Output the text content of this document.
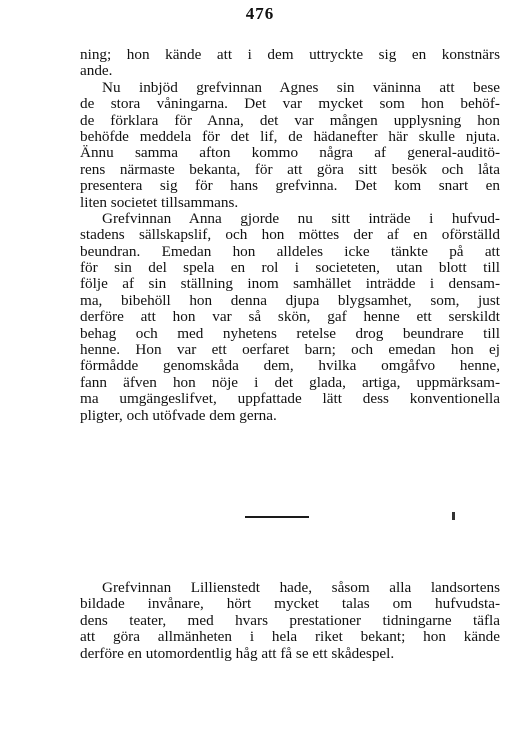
476
ning; hon kände att i dem uttryckte sig en konstnärs
ande.
Nu inbjöd grefvinnan Agnes sin väninna att bese
de stora våningarna. Det var mycket som hon behöf-
de förklara för Anna, det var mången upplysning hon
behöfde meddela för det lif, de hädanefter här skulle njuta.
Ännu samma afton kommo några af general-auditö-
rens närmaste bekanta, för att göra sitt besök och låta
presentera sig för hans grefvinna. Det kom snart en
liten societet tillsammans.
Grefvinnan Anna gjorde nu sitt inträde i hufvud-
stadens sällskapslif, och hon möttes der af en oförställd
beundran. Emedan hon alldeles icke tänkte på att
för sin del spela en rol i societeten, utan blott till
följe af sin ställning inom samhället inträdde i densam-
ma, bibehöll hon denna djupa blygsamhet, som, just
derföre att hon var så skön, gaf henne ett serskildt
behag och med nyhetens retelse drog beundrare till
henne. Hon var ett oerfaret barn; och emedan hon ej
förmådde genomskåda dem, hvilka omgåfvo henne,
fann äfven hon nöje i det glada, artiga, uppmärksam-
ma umgängeslifvet, uppfattade lätt dess konventionella
pligter, och utöfvade dem gerna.
Grefvinnan Lillienstedt hade, såsom alla landsortens
bildade invånare, hört mycket talas om hufvudsta-
dens teater, med hvars prestationer tidningarne täfla
att göra allmänheten i hela riket bekant; hon kände
derföre en utomordentlig håg att få se ett skådespel.
